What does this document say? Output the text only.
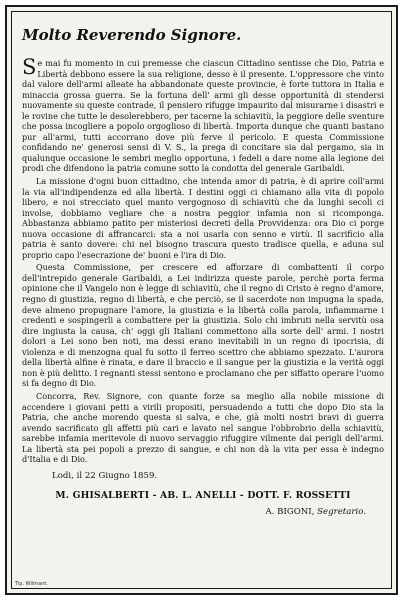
Molto Reverendo Signore.

Se mai fu momento in cui premesse che ciascun Cittadino sentisse che Dio, Patria e Libertà debbono essere la sua religione, desso è il presente. L'oppressore che vinto dal valore dell'armi alleate ha abbandonate queste provincie, è forte tuttora in Italia e minaccia grossa guerra. Se la fortuna dell' armi gli desse opportunità di stendersi nuovamente su queste contrade, il pensiero rifugge impaurito dal misurarne i disastri e le rovine che tutte le desolerebbero, per tacerne la schiavitù, la peggiore delle sventure che possa incogliere a popolo orgoglioso di libertà. Importa dunque che quanti bastano pur all'armi, tutti accorrano dove più ferve il pericolo. E questa Commissione confidando ne' generosi sensi di V. S., la prega di concitare sia dal pergamo, sia in qualunque occasione le sembri meglio opportuna, i fedeli a dare nome alla legione dei prodi che difendono la patria comune sotto la condotta del generale Garibaldi.

La missione d'ogni buon cittadino, che intenda amor di patria, è di aprire coll'armi la via all'indipendenza ed alla libertà. I destini oggi ci chiamano alla vita di popolo libero, e noi strecciato quel manto vergognoso di schiavitù che da lunghi secoli ci involse, dobbiamo vegliare che a nostra peggior infamia non si ricomponga. Abbastanza abbiamo patito per misteriosi decreti della Provvidenza: ora Dio ci porge nuova occasione di affrancarci: sta a noi usarla con senno e virtù. Il sacrificio alla patria è santo dovere: chi nel bisogno trascura questo tradisce quella, e aduna sul proprio capo l'esecrazione de' buoni e l'ira di Dio.

Questa Commissione, per crescere ed afforzare di combattenti il corpo dell'intrepido generale Garibaldi, a Lei indirizza queste parole, perchè porta ferma opinione che il Vangelo non è legge di schiavitù, che il regno di Cristo è regno d'amore, regno di giustizia, regno di libertà, e che perciò, se il sacerdote non impugna la spada, deve almeno propugnare l'amore, la giustizia e la libertà colla parola, infiammarne i credenti e sospingerli a combattere per la giustizia. Solo chi imbruti nella servitù osa dire ingiusta la causa, ch' oggi gli Italiani commettono alla sorte dell' armi. I nostri dolori a Lei sono ben noti, ma dessi erano inevitabili in un regno di ipocrisia, di violenza e di menzogna qual fu sotto il ferreo scettro che abbiamo spezzato. L'aurora della libertà alfine è rinata, e dare il braccio e il sangue per la giustizia e la verità oggi non è più delitto. I regnanti stessi sentono e proclamano che per siffatto operare l'uomo si fa degno di Dio.

Concorra, Rev. Signore, con quante forze sa meglio alla nobile missione di accendere i giovani petti a virili propositi, persuadendo a tutti che dopo Dio sta la Patria, che anche morendo questa si salva, e che, già molti nostri bravi di guerra avendo sacrificato gli affetti più cari e lavato nel sangue l'obbrobrio della schiavitù, sarebbe infamia meritevole di nuovo servaggio rifuggire vilmente dai perigli dell'armi. La libertà sta pei popoli a prezzo di sangue, e chi non dà la vita per essa è indegno d'Italia e di Dio.

Lodi, il 22 Giugno 1859.
M. GHISALBERTI - AB. L. ANELLI - DOTT. F. ROSSETTI
A. BIGONI, Segretario.
Tip. Wilmant.
